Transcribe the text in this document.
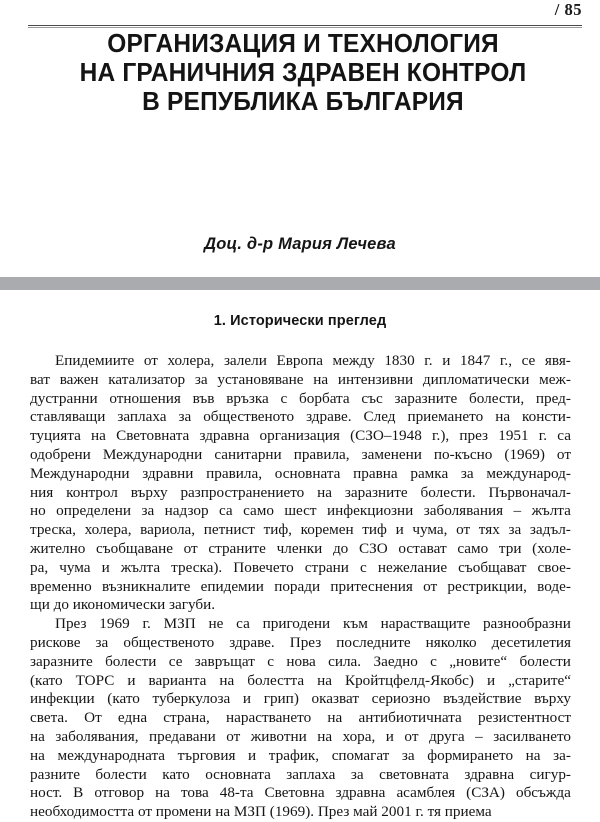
/ 85
ОРГАНИЗАЦИЯ И ТЕХНОЛОГИЯ
НА ГРАНИЧНИЯ ЗДРАВЕН КОНТРОЛ
В РЕПУБЛИКА БЪЛГАРИЯ
Доц. д-р Мария Лечева
1. Исторически преглед

Епидемиите от холера, залели Европа между 1830 г. и 1847 г., се явя-
ват важен катализатор за установяване на интензивни дипломатически меж-
дустранни отношения във връзка с борбата със заразните болести, пред-
ставляващи заплаха за общественото здраве. След приемането на консти-
туцията на Световната здравна организация (СЗО–1948 г.), през 1951 г. са
одобрени Международни санитарни правила, заменени по-късно (1969) от
Международни здравни правила, основната правна рамка за международ-
ния контрол върху разпространението на заразните болести. Първоначал-
но определени за надзор са само шест инфекциозни заболявания – жълта
треска, холера, вариола, петнист тиф, коремен тиф и чума, от тях за задъл-
жително съобщаване от страните членки до СЗО остават само три (холе-
ра, чума и жълта треска). Повечето страни с нежелание съобщават свое-
временно възникналите епидемии поради притеснения от рестрикции, воде-
щи до икономически загуби.

През 1969 г. МЗП не са пригодени към нарастващите разнообразни
рискове за общественото здраве. През последните няколко десетилетия
заразните болести се завръщат с нова сила. Заедно с „новите“ болести
(като ТОРС и варианта на болестта на Кройтцфелд-Якобс) и „старите“
инфекции (като туберкулоза и грип) оказват сериозно въздействие върху
света. От една страна, нарастването на антибиотичната резистентност
на заболявания, предавани от животни на хора, и от друга – засилването
на международната търговия и трафик, спомагат за формирането на за-
разните болести като основната заплаха за световната здравна сигур-
ност. В отговор на това 48-та Световна здравна асамблея (СЗА) обсъжда
необходимостта от промени на МЗП (1969). През май 2001 г. тя приема
